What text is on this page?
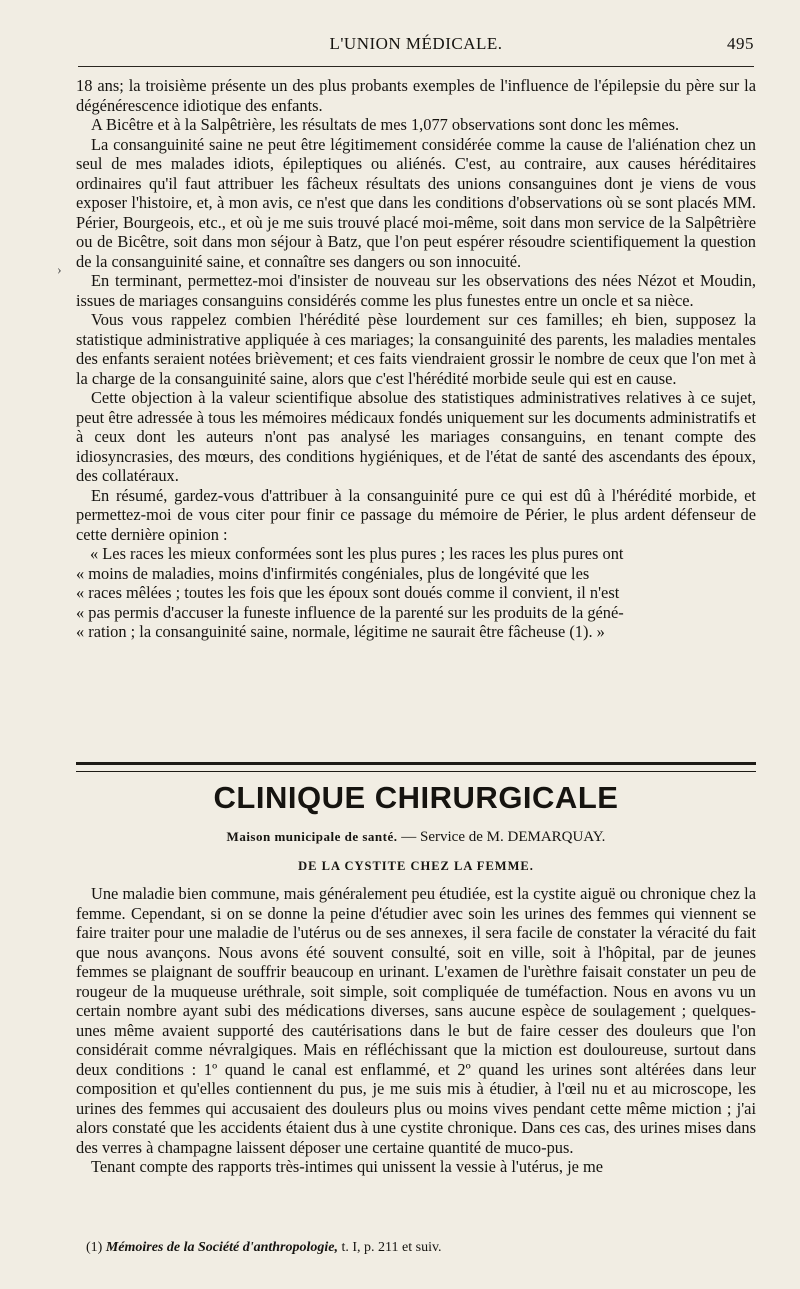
L'UNION MÉDICALE.	495
›

18 ans; la troisième présente un des plus probants exemples de l'influence de l'épilepsie du père sur la dégénérescence idiotique des enfants.

A Bicêtre et à la Salpêtrière, les résultats de mes 1,077 observations sont donc les mêmes.

La consanguinité saine ne peut être légitimement considérée comme la cause de l'aliénation chez un seul de mes malades idiots, épileptiques ou aliénés. C'est, au contraire, aux causes héréditaires ordinaires qu'il faut attribuer les fâcheux résultats des unions consanguines dont je viens de vous exposer l'histoire, et, à mon avis, ce n'est que dans les conditions d'observations où se sont placés MM. Périer, Bourgeois, etc., et où je me suis trouvé placé moi-même, soit dans mon service de la Salpêtrière ou de Bicêtre, soit dans mon séjour à Batz, que l'on peut espérer résoudre scientifiquement la question de la consanguinité saine, et connaître ses dangers ou son innocuité.

En terminant, permettez-moi d'insister de nouveau sur les observations des nées Nézot et Moudin, issues de mariages consanguins considérés comme les plus funestes entre un oncle et sa nièce.

Vous vous rappelez combien l'hérédité pèse lourdement sur ces familles; eh bien, supposez la statistique administrative appliquée à ces mariages; la consanguinité des parents, les maladies mentales des enfants seraient notées brièvement; et ces faits viendraient grossir le nombre de ceux que l'on met à la charge de la consanguinité saine, alors que c'est l'hérédité morbide seule qui est en cause.

Cette objection à la valeur scientifique absolue des statistiques administratives relatives à ce sujet, peut être adressée à tous les mémoires médicaux fondés uniquement sur les documents administratifs et à ceux dont les auteurs n'ont pas analysé les mariages consanguins, en tenant compte des idiosyncrasies, des mœurs, des conditions hygiéniques, et de l'état de santé des ascendants des époux, des collatéraux.

En résumé, gardez-vous d'attribuer à la consanguinité pure ce qui est dû à l'hérédité morbide, et permettez-moi de vous citer pour finir ce passage du mémoire de Périer, le plus ardent défenseur de cette dernière opinion :

« Les races les mieux conformées sont les plus pures ; les races les plus pures ont

« moins de maladies, moins d'infirmités congéniales, plus de longévité que les

« races mêlées ; toutes les fois que les époux sont doués comme il convient, il n'est

« pas permis d'accuser la funeste influence de la parenté sur les produits de la géné-

« ration ; la consanguinité saine, normale, légitime ne saurait être fâcheuse (1). »

CLINIQUE CHIRURGICALE
Maison municipale de santé. — Service de M. DEMARQUAY.
DE LA CYSTITE CHEZ LA FEMME.

Une maladie bien commune, mais généralement peu étudiée, est la cystite aiguë ou chronique chez la femme. Cependant, si on se donne la peine d'étudier avec soin les urines des femmes qui viennent se faire traiter pour une maladie de l'utérus ou de ses annexes, il sera facile de constater la véracité du fait que nous avançons. Nous avons été souvent consulté, soit en ville, soit à l'hôpital, par de jeunes femmes se plaignant de souffrir beaucoup en urinant. L'examen de l'urèthre faisait constater un peu de rougeur de la muqueuse uréthrale, soit simple, soit compliquée de tuméfaction. Nous en avons vu un certain nombre ayant subi des médications diverses, sans aucune espèce de soulagement ; quelques-unes même avaient supporté des cautérisations dans le but de faire cesser des douleurs que l'on considérait comme névralgiques. Mais en réfléchissant que la miction est douloureuse, surtout dans deux conditions : 1º quand le canal est enflammé, et 2º quand les urines sont altérées dans leur composition et qu'elles contiennent du pus, je me suis mis à étudier, à l'œil nu et au microscope, les urines des femmes qui accusaient des douleurs plus ou moins vives pendant cette même miction ; j'ai alors constaté que les accidents étaient dus à une cystite chronique. Dans ces cas, des urines mises dans des verres à champagne laissent déposer une certaine quantité de muco-pus.

Tenant compte des rapports très-intimes qui unissent la vessie à l'utérus, je me

(1) Mémoires de la Société d'anthropologie, t. I, p. 211 et suiv.
